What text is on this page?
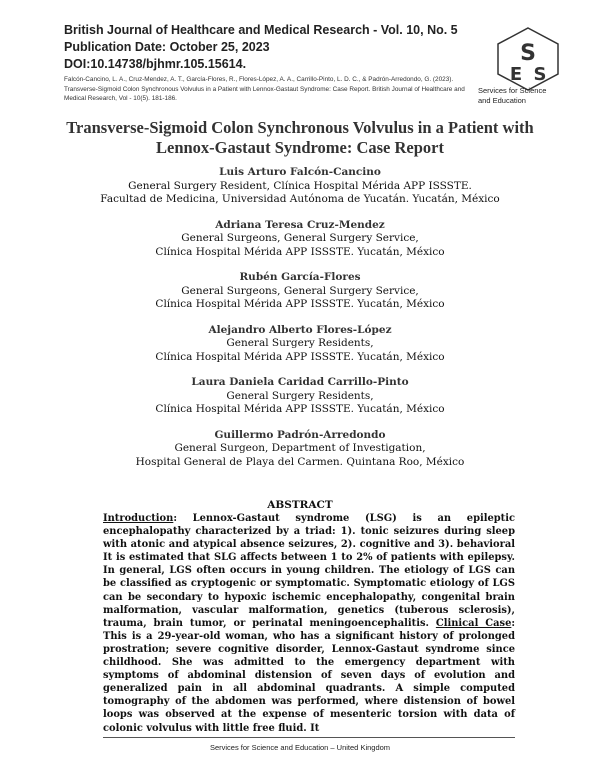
British Journal of Healthcare and Medical Research - Vol. 10, No. 5
Publication Date: October 25, 2023
DOI:10.14738/bjhmr.105.15614.
Falcón-Cancino, L. A., Cruz-Mendez, A. T., García-Flores, R., Flores-López, A. A., Carrillo-Pinto, L. D. C., & Padrón-Arredondo, G. (2023). Transverse-Sigmoid Colon Synchronous Volvulus in a Patient with Lennox-Gastaut Syndrome: Case Report. British Journal of Healthcare and Medical Research, Vol - 10(5). 181-186.
S
E S
Services for Science
and Education
Transverse-Sigmoid Colon Synchronous Volvulus in a Patient with
Lennox-Gastaut Syndrome: Case Report
Luis Arturo Falcón-Cancino
General Surgery Resident, Clínica Hospital Mérida APP ISSSTE.
Facultad de Medicina, Universidad Autónoma de Yucatán. Yucatán, México
Adriana Teresa Cruz-Mendez
General Surgeons, General Surgery Service,
Clínica Hospital Mérida APP ISSSTE. Yucatán, México
Rubén García-Flores
General Surgeons, General Surgery Service,
Clínica Hospital Mérida APP ISSSTE. Yucatán, México
Alejandro Alberto Flores-López
General Surgery Residents,
Clínica Hospital Mérida APP ISSSTE. Yucatán, México
Laura Daniela Caridad Carrillo-Pinto
General Surgery Residents,
Clínica Hospital Mérida APP ISSSTE. Yucatán, México
Guillermo Padrón-Arredondo
General Surgeon, Department of Investigation,
Hospital General de Playa del Carmen. Quintana Roo, México
ABSTRACT
Introduction: Lennox-Gastaut syndrome (LSG) is an epileptic encephalopathy characterized by a triad: 1). tonic seizures during sleep with atonic and atypical absence seizures, 2). cognitive and 3). behavioral It is estimated that SLG affects between 1 to 2% of patients with epilepsy. In general, LGS often occurs in young children. The etiology of LGS can be classified as cryptogenic or symptomatic. Symptomatic etiology of LGS can be secondary to hypoxic ischemic encephalopathy, congenital brain malformation, vascular malformation, genetics (tuberous sclerosis), trauma, brain tumor, or perinatal meningoencephalitis. Clinical Case: This is a 29-year-old woman, who has a significant history of prolonged prostration; severe cognitive disorder, Lennox-Gastaut syndrome since childhood. She was admitted to the emergency department with symptoms of abdominal distension of seven days of evolution and generalized pain in all abdominal quadrants. A simple computed tomography of the abdomen was performed, where distension of bowel loops was observed at the expense of mesenteric torsion with data of colonic volvulus with little free fluid. It
Services for Science and Education – United Kingdom
